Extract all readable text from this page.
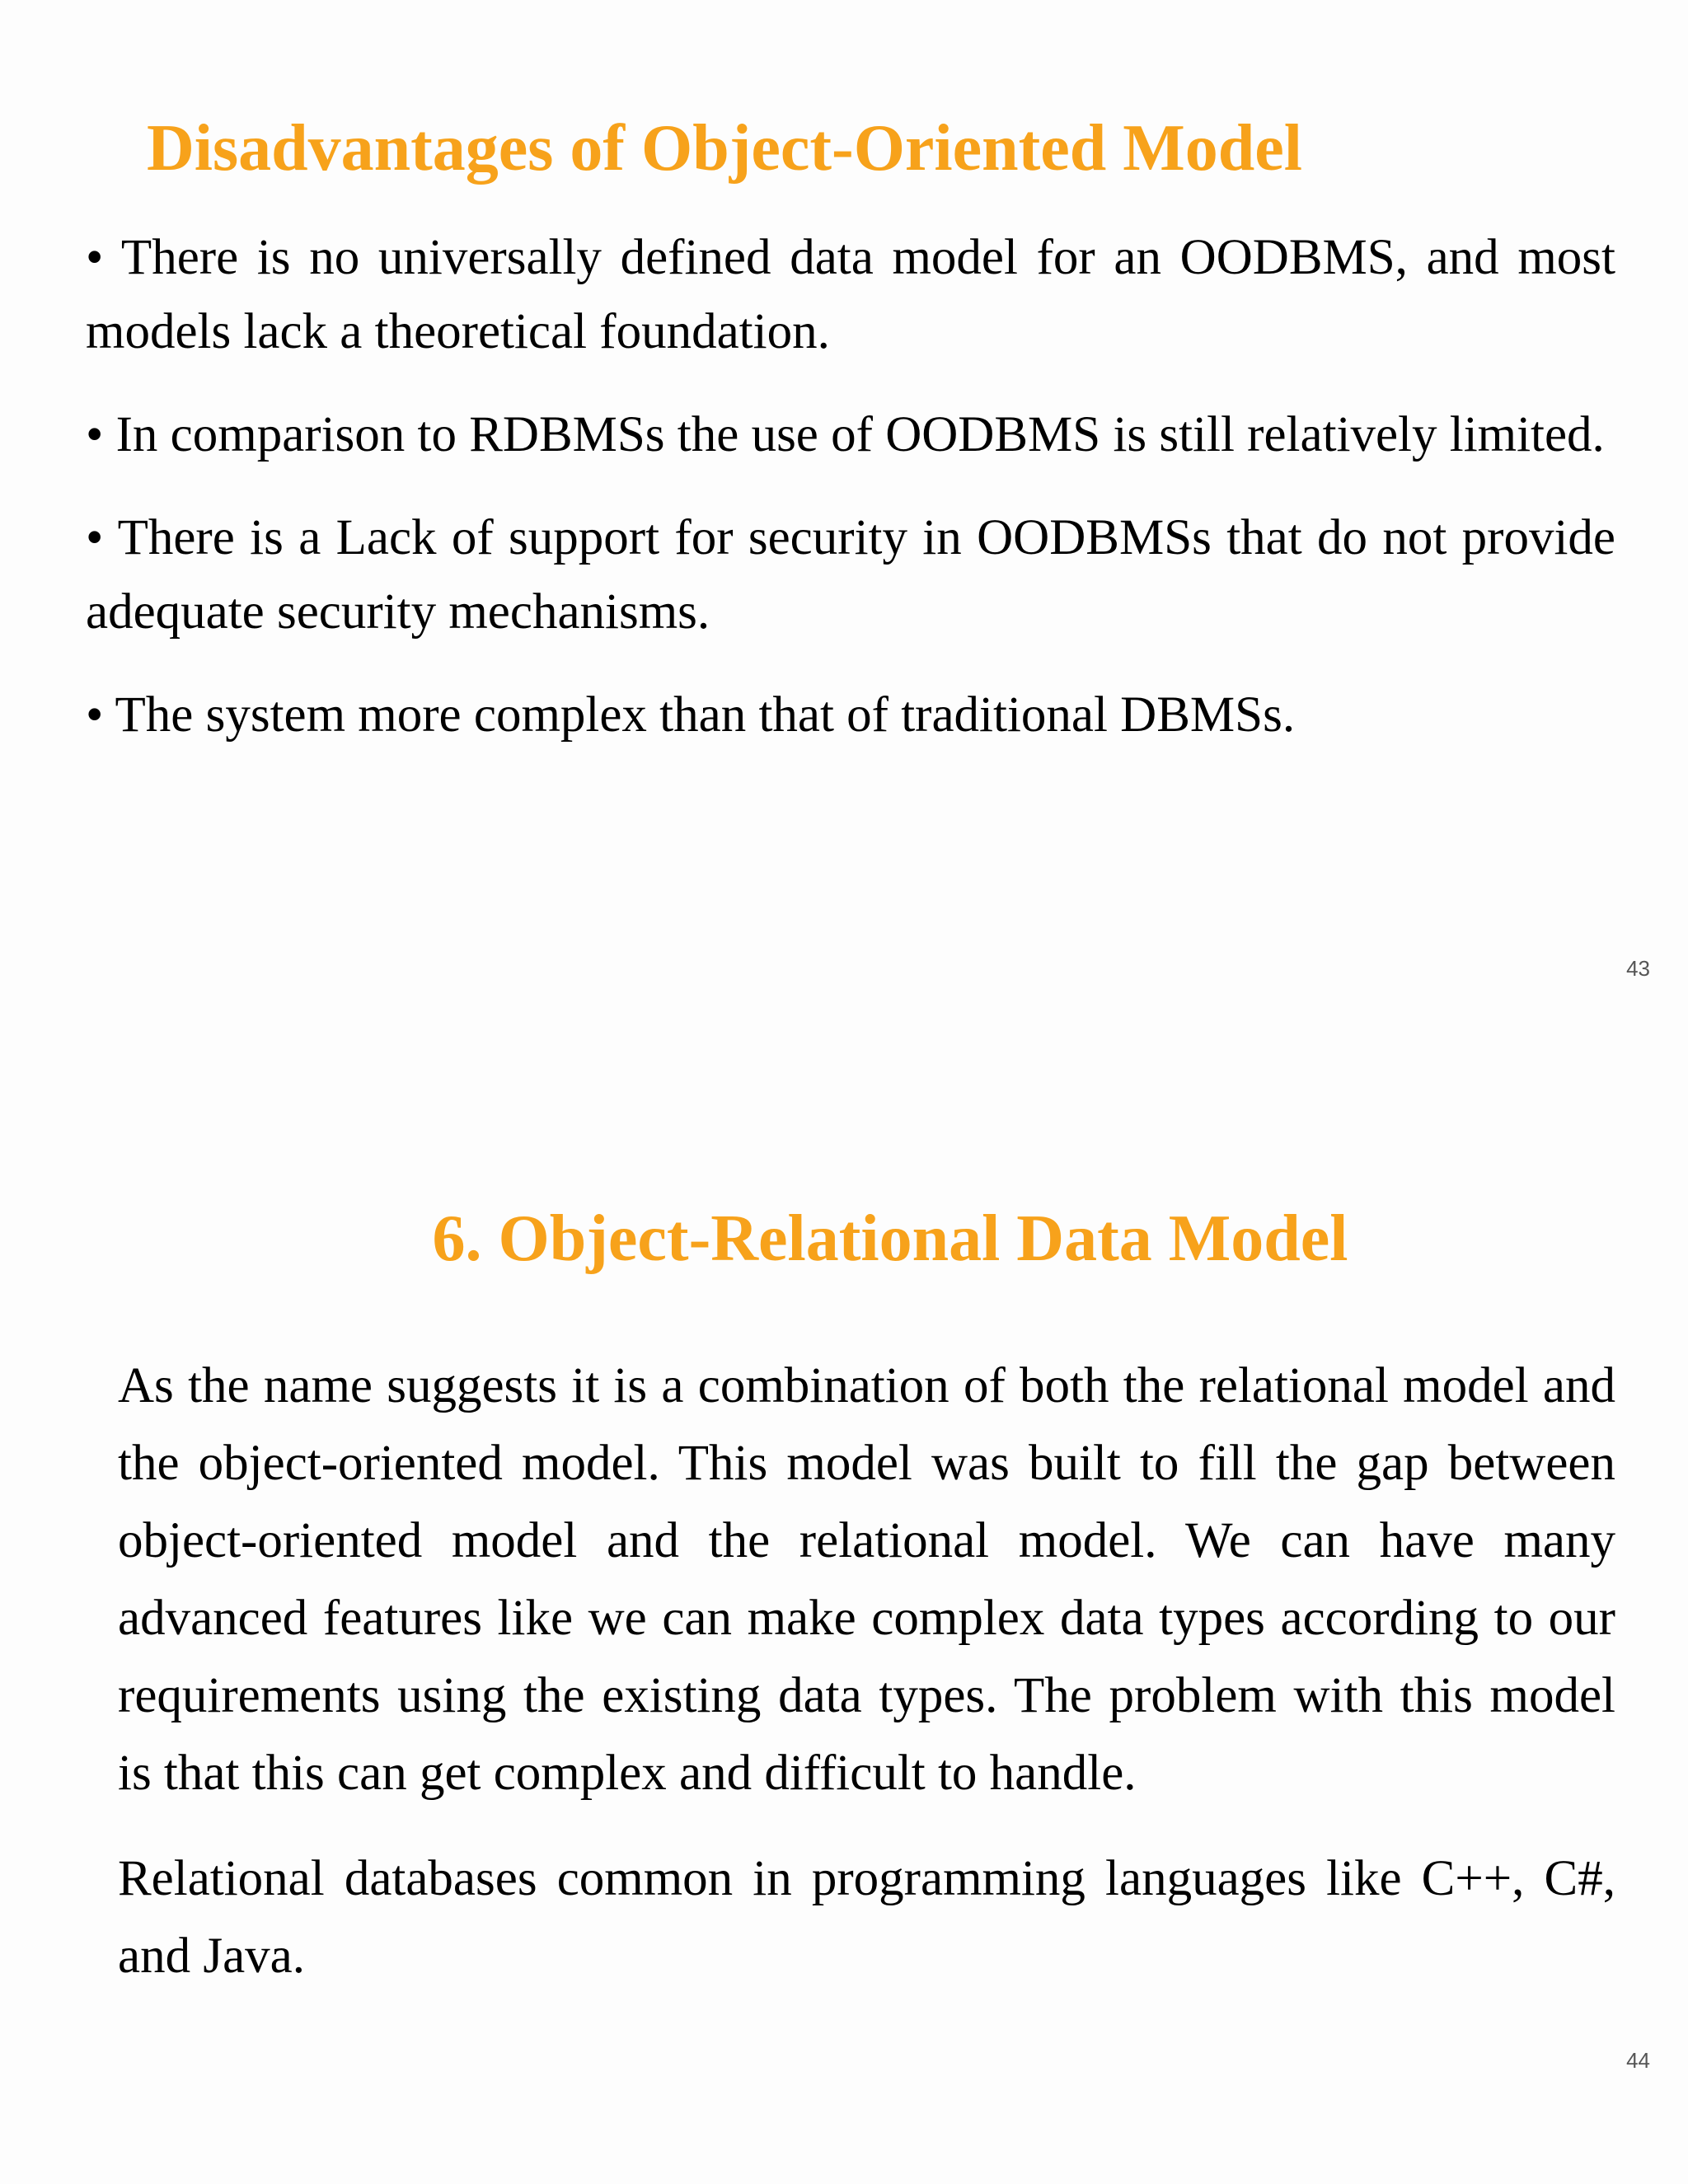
Disadvantages of Object-Oriented Model

• There is no universally defined data model for an OODBMS, and most models lack a theoretical foundation.

• In comparison to RDBMSs the use of OODBMS is still relatively limited.

• There is a Lack of support for security in OODBMSs that do not provide adequate security mechanisms.

• The system more complex than that of traditional DBMSs.

43
6. Object-Relational Data Model

As the name suggests it is a combination of both the relational model and the object-oriented model. This model was built to fill the gap between object-oriented model and the relational model. We can have many advanced features like we can make complex data types according to our requirements using the existing data types. The problem with this model is that this can get complex and difficult to handle.

Relational databases common in programming languages like C++, C#, and Java.

44
